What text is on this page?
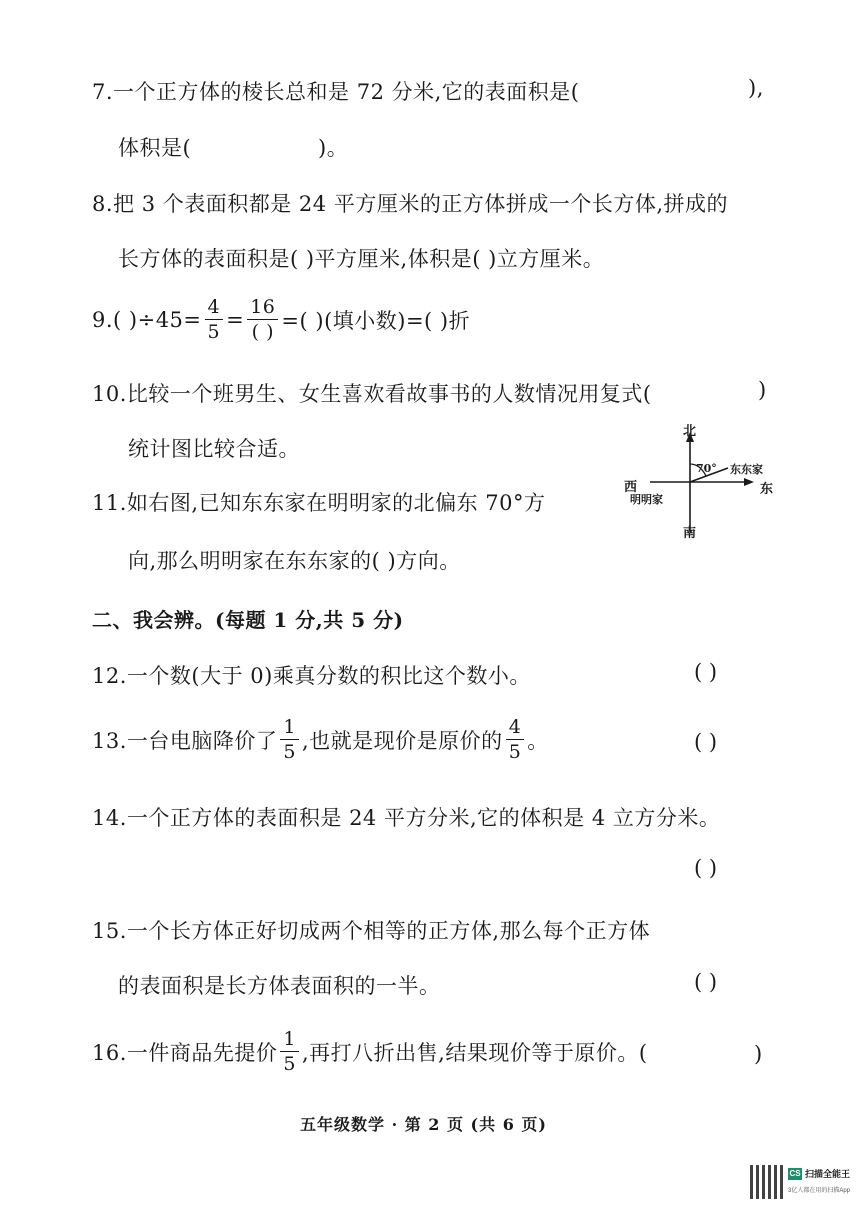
7.一个正方体的棱长总和是 72 分米,它的表面积是(	),
体积是(	)。
8.把 3 个表面积都是 24 平方厘米的正方体拼成一个长方体,拼成的
长方体的表面积是( )平方厘米,体积是( )立方厘米。
9.( )$\div 45= \frac{4}{5} = \frac{16}{( )}$ =( )(填小数)=( )折
10.比较一个班男生、女生喜欢看故事书的人数情况用复式(	)
统计图比较合适。
11.如右图,已知东东家在明明家的北偏东 70°方
向,那么明明家在东东家的( )方向。
北
70° 东东家
东
西
明明家
南
二、我会辨。(每题 1 分,共 5 分)
12.一个数(大于 0)乘真分数的积比这个数小。	( )
13.一台电脑降价了 $\frac{1}{5}$ ,也就是现价是原价的 $\frac{4}{5}$ 。	( )
14.一个正方体的表面积是 24 平方分米,它的体积是 4 立方分米。
( )
15.一个长方体正好切成两个相等的正方体,那么每个正方体
的表面积是长方体表面积的一半。	( )
16.一件商品先提价 $\frac{1}{5}$ ,再打八折出售,结果现价等于原价。(	)
五年级数学 · 第 2 页 (共 6 页)
CS 扫描全能王
3亿人都在用的扫描App
